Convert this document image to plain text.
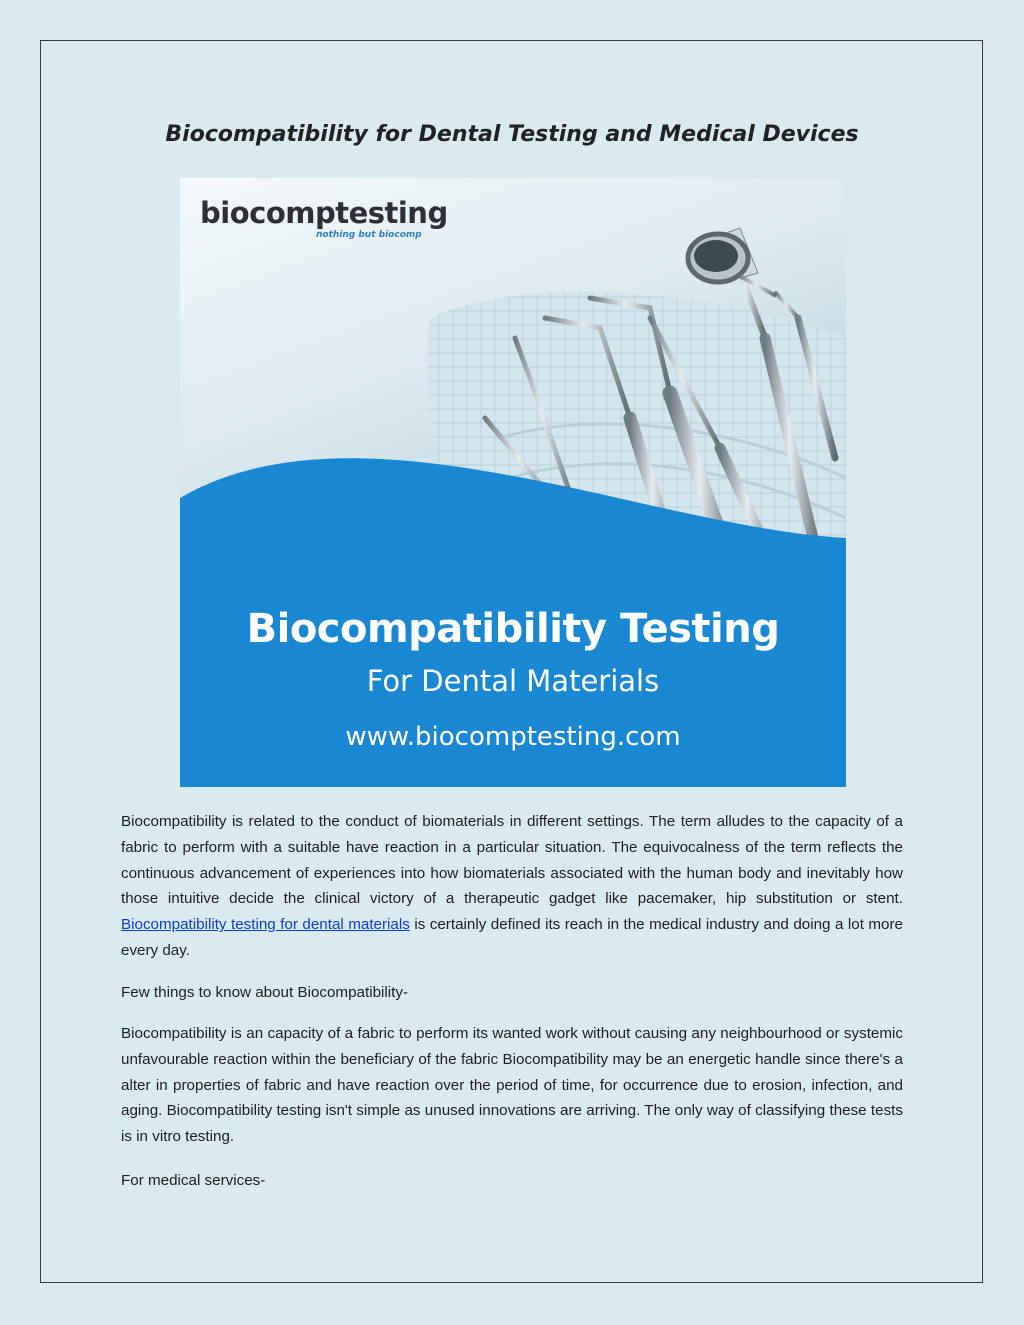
Biocompatibility for Dental Testing and Medical Devices
biocomptesting
nothing but biocomp
Biocompatibility Testing
For Dental Materials
www.biocomptesting.com

Biocompatibility is related to the conduct of biomaterials in different settings. The term alludes to the capacity of a fabric to perform with a suitable have reaction in a particular situation. The equivocalness of the term reflects the continuous advancement of experiences into how biomaterials associated with the human body and inevitably how those intuitive decide the clinical victory of a therapeutic gadget like pacemaker, hip substitution or stent. Biocompatibility testing for dental materials is certainly defined its reach in the medical industry and doing a lot more every day.

Few things to know about Biocompatibility-

Biocompatibility is an capacity of a fabric to perform its wanted work without causing any neighbourhood or systemic unfavourable reaction within the beneficiary of the fabric Biocompatibility may be an energetic handle since there's a alter in properties of fabric and have reaction over the period of time, for occurrence due to erosion, infection, and aging. Biocompatibility testing isn't simple as unused innovations are arriving. The only way of classifying these tests is in vitro testing.

For medical services-
